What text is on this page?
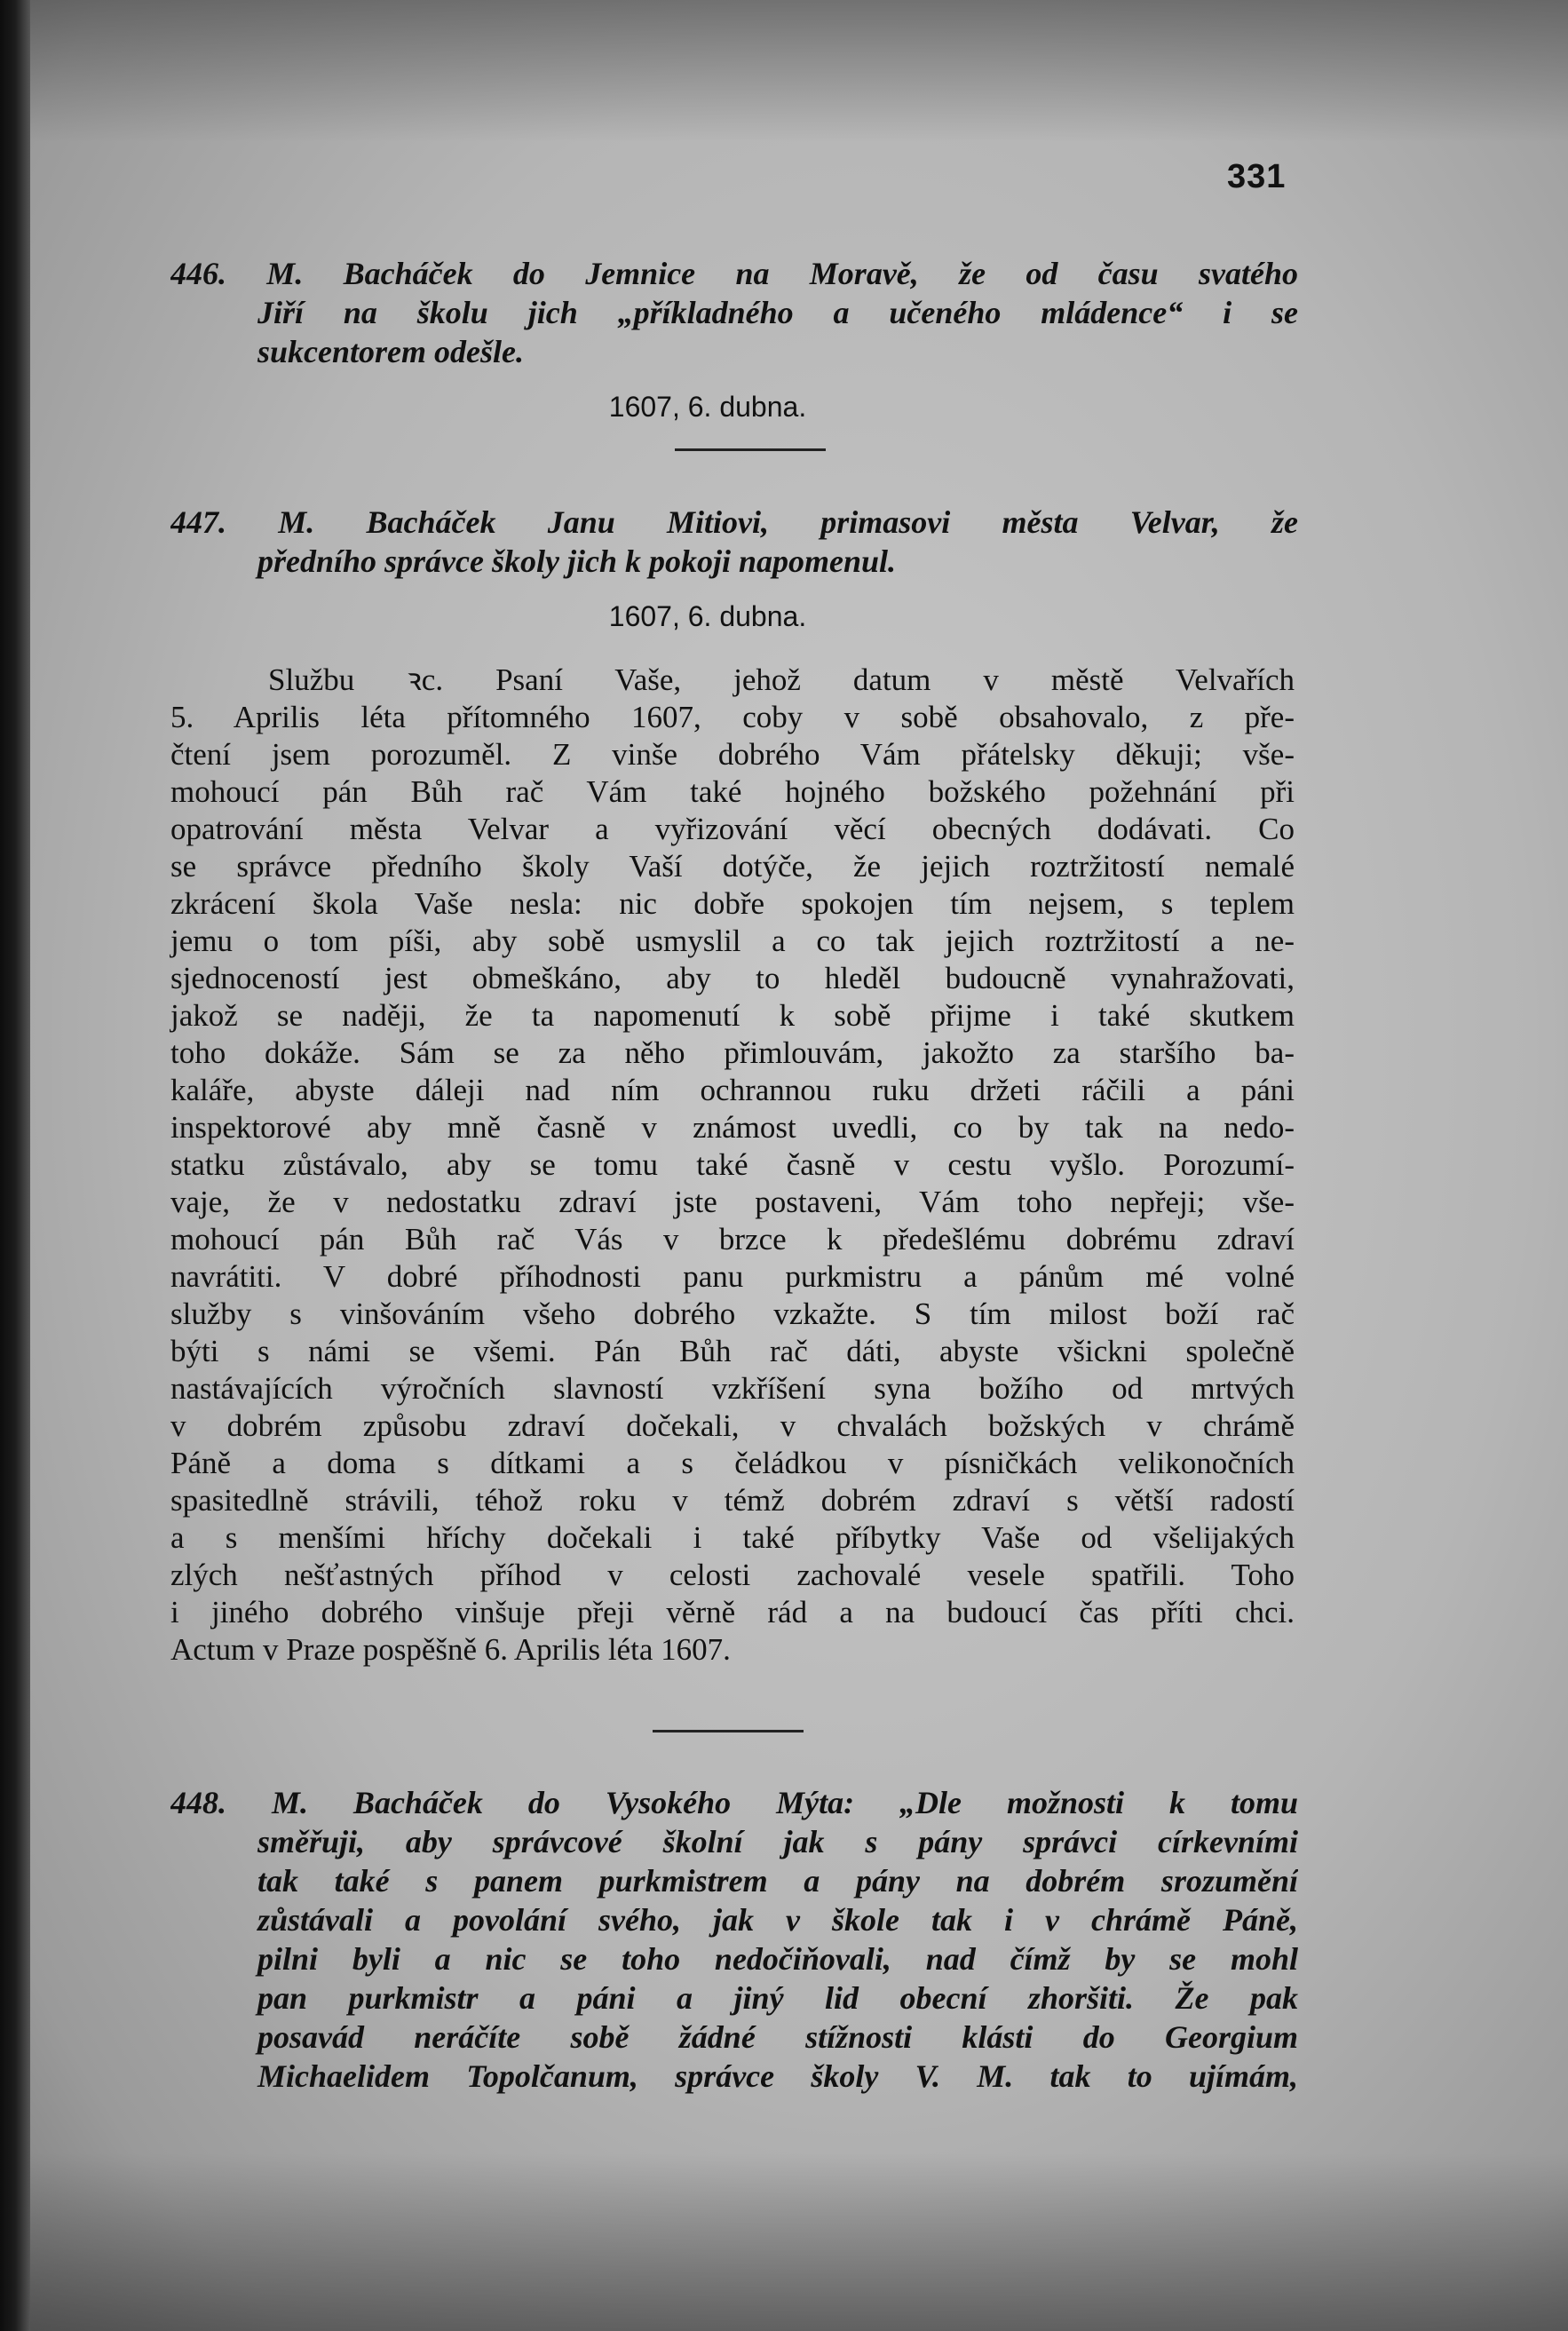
331
446. M. Bacháček do Jemnice na Moravě, že od času svatého
Jiří na školu jich „příkladného a učeného mládence“ i se
sukcentorem odešle.
1607, 6. dubna.
447. M. Bacháček Janu Mitiovi, primasovi města Velvar, že
předního správce školy jich k pokoji napomenul.
1607, 6. dubna.
Službu ꝛc. Psaní Vaše, jehož datum v městě Velvařích
5. Aprilis léta přítomného 1607, coby v sobě obsahovalo, z pře-
čtení jsem porozuměl. Z vinše dobrého Vám přátelsky děkuji; vše-
mohoucí pán Bůh rač Vám také hojného božského požehnání při
opatrování města Velvar a vyřizování věcí obecných dodávati. Co
se správce předního školy Vaší dotýče, že jejich roztržitostí nemalé
zkrácení škola Vaše nesla: nic dobře spokojen tím nejsem, s teplem
jemu o tom píši, aby sobě usmyslil a co tak jejich roztržitostí a ne-
sjednoceností jest obmeškáno, aby to hleděl budoucně vynahražovati,
jakož se naději, že ta napomenutí k sobě přijme i také skutkem
toho dokáže. Sám se za něho přimlouvám, jakožto za staršího ba-
kaláře, abyste dáleji nad ním ochrannou ruku držeti ráčili a páni
inspektorové aby mně časně v známost uvedli, co by tak na nedo-
statku zůstávalo, aby se tomu také časně v cestu vyšlo. Porozumí-
vaje, že v nedostatku zdraví jste postaveni, Vám toho nepřeji; vše-
mohoucí pán Bůh rač Vás v brzce k předešlému dobrému zdraví
navrátiti. V dobré příhodnosti panu purkmistru a pánům mé volné
služby s vinšováním všeho dobrého vzkažte. S tím milost boží rač
býti s námi se všemi. Pán Bůh rač dáti, abyste všickni společně
nastávajících výročních slavností vzkříšení syna božího od mrtvých
v dobrém způsobu zdraví dočekali, v chvalách božských v chrámě
Páně a doma s dítkami a s čeládkou v písničkách velikonočních
spasitedlně strávili, téhož roku v témž dobrém zdraví s větší radostí
a s menšími hříchy dočekali i také příbytky Vaše od všelijakých
zlých nešťastných příhod v celosti zachovalé vesele spatřili. Toho
i jiného dobrého vinšuje přeji věrně rád a na budoucí čas příti chci.
Actum v Praze pospěšně 6. Aprilis léta 1607.
448. M. Bacháček do Vysokého Mýta: „Dle možnosti k tomu
směřuji, aby správcové školní jak s pány správci církevními
tak také s panem purkmistrem a pány na dobrém srozumění
zůstávali a povolání svého, jak v škole tak i v chrámě Páně,
pilni byli a nic se toho nedočiňovali, nad čímž by se mohl
pan purkmistr a páni a jiný lid obecní zhoršiti. Že pak
posavád neráčíte sobě žádné stížnosti klásti do Georgium
Michaelidem Topolčanum, správce školy V. M. tak to ujímám,
